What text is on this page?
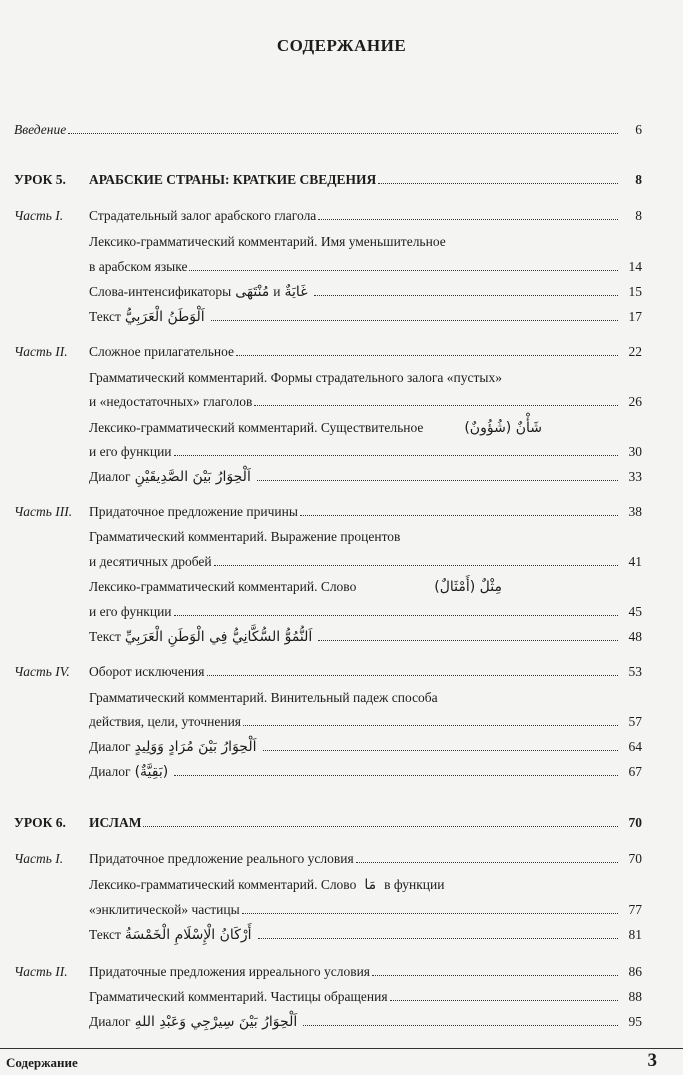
СОДЕРЖАНИЕ
Введение	6
УРОК 5.	АРАБСКИЕ СТРАНЫ: КРАТКИЕ СВЕДЕНИЯ	8
Часть I.	Страдательный залог арабского глагола	8
Лексико-грамматический комментарий. Имя уменьшительное
в арабском языке	14
Слова-интенсификаторы مُنْتَهَى и غَايَةٌ	15
Текст اَلْوَطَنُ الْعَرَبِيُّ	17
Часть II.	Сложное прилагательное	22
Грамматический комментарий. Формы страдательного залога «пустых»
и «недостаточных» глаголов	26
Лексико-грамматический комментарий. Существительное	شَأْنٌ (شُؤُونٌ)
и его функции	30
Диалог اَلْحِوَارُ بَيْنَ الصَّدِيقَيْنِ	33
Часть III.	Придаточное предложение причины	38
Грамматический комментарий. Выражение процентов
и десятичных дробей	41
Лексико-грамматический комментарий. Слово	مِثْلٌ (أَمْثَالٌ)
и его функции	45
Текст اَلنُّمُوُّ السُّكَّانِيُّ فِي الْوَطَنِ الْعَرَبِيِّ	48
Часть IV.	Оборот исключения	53
Грамматический комментарий. Винительный падеж способа
действия, цели, уточнения	57
Диалог اَلْحِوَارُ بَيْنَ مُرَادٍ وَوَلِيدٍ	64
Диалог (بَقِيَّةٌ)	67
УРОК 6.	ИСЛАМ	70
Часть I.	Придаточное предложение реального условия	70
Лексико-грамматический комментарий. Слово مَا в функции
«энклитической» частицы	77
Текст أَرْكَانُ الْإِسْلَامِ الْخَمْسَةُ	81
Часть II.	Придаточные предложения ирреального условия	86
Грамматический комментарий. Частицы обращения	88
Диалог اَلْحِوَارُ بَيْنَ سِيرْجِي وَعَبْدِ اللهِ	95
Содержание	3
